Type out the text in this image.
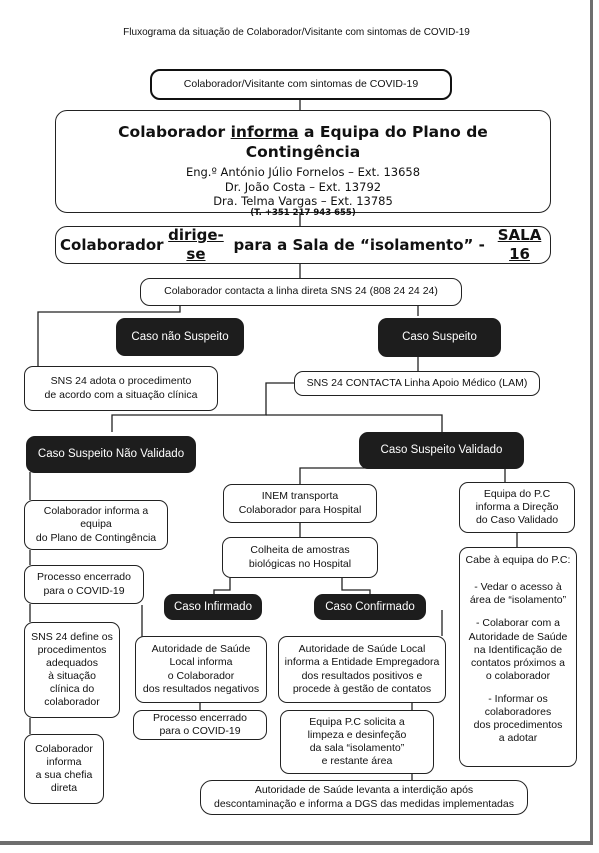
Fluxograma da situação de Colaborador/Visitante com sintomas de COVID-19
Colaborador/Visitante com sintomas de COVID-19

Colaborador informa a Equipa do Plano de Contingência

Eng.º António Júlio Fornelos – Ext. 13658
Dr. João Costa – Ext. 13792
Dra. Telma Vargas – Ext. 13785
(T. +351 217 943 655)
Colaborador
dirige-se
para a Sala de “isolamento” -
SALA 16
Colaborador contacta a linha direta SNS 24 (808 24 24 24)
Caso não Suspeito	Caso Suspeito
SNS 24 adota o procedimento
de acordo com a situação clínica
SNS 24 CONTACTA Linha Apoio Médico (LAM)
Caso Suspeito Não Validado	Caso Suspeito Validado
Colaborador informa a
equipa
do Plano de Contingência
Processo encerrado
para o COVID-19
SNS 24 define os
procedimentos
adequados
à situação
clínica do
colaborador
Colaborador
informa
a sua chefia
direta
INEM transporta
Colaborador para Hospital
Colheita de amostras
biológicas no Hospital
Caso Infirmado	Caso Confirmado
Autoridade de Saúde
Local informa
o Colaborador
dos resultados negativos
Processo encerrado
para o COVID-19
Autoridade de Saúde Local
informa a Entidade Empregadora
dos resultados positivos e
procede à gestão de contatos
Equipa P.C solicita a
limpeza e desinfeção
da sala “isolamento”
e restante área
Autoridade de Saúde levanta a interdição após
descontaminação e informa a DGS das medidas implementadas
Equipa do P.C
informa a Direção
do Caso Validado
Cabe à equipa do P.C:
- Vedar o acesso à
área de “isolamento”
- Colaborar com a
Autoridade de Saúde
na Identificação de
contatos próximos a
o colaborador
- Informar os
colaboradores
dos procedimentos
a adotar
